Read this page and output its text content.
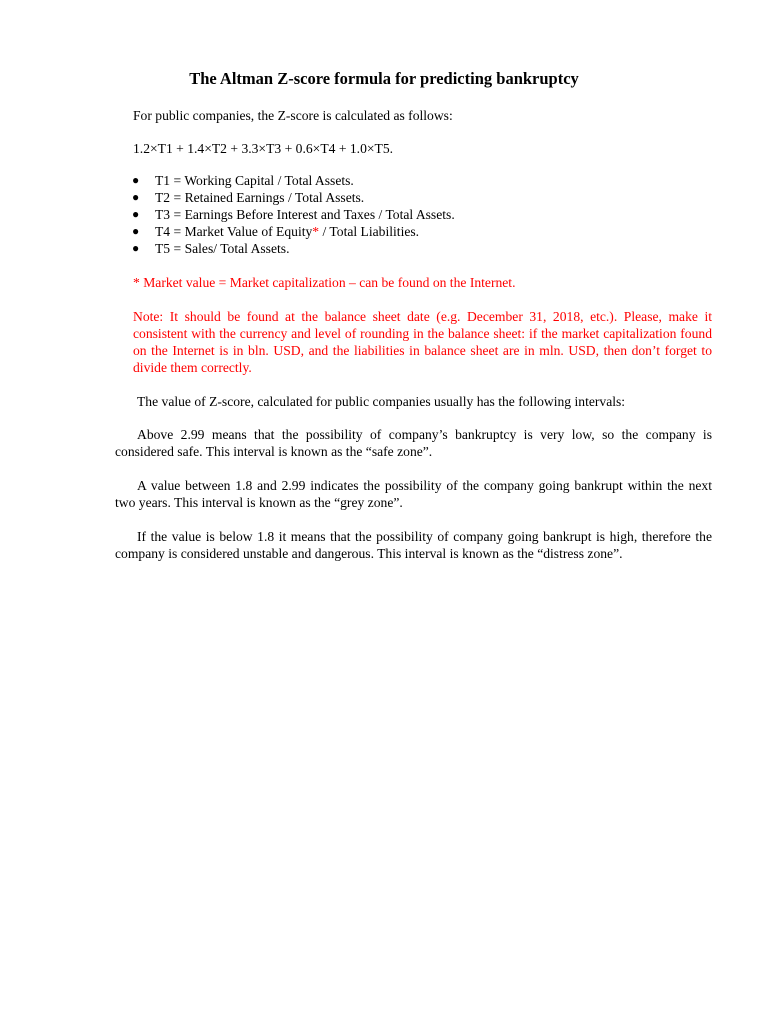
The Altman Z-score formula for predicting bankruptcy

For public companies, the Z-score is calculated as follows:

1.2×T1 + 1.4×T2 + 3.3×T3 + 0.6×T4 + 1.0×T5.

● T1 = Working Capital / Total Assets.
● T2 = Retained Earnings / Total Assets.
● T3 = Earnings Before Interest and Taxes / Total Assets.
● T4 = Market Value of Equity* / Total Liabilities.
● T5 = Sales/ Total Assets.

* Market value = Market capitalization – can be found on the Internet.

Note: It should be found at the balance sheet date (e.g. December 31, 2018, etc.). Please, make it consistent with the currency and level of rounding in the balance sheet: if the market capitalization found on the Internet is in bln. USD, and the liabilities in balance sheet are in mln. USD, then don’t forget to divide them correctly.

The value of Z-score, calculated for public companies usually has the following intervals:

Above 2.99 means that the possibility of company’s bankruptcy is very low, so the company is considered safe. This interval is known as the “safe zone”.

A value between 1.8 and 2.99 indicates the possibility of the company going bankrupt within the next two years. This interval is known as the “grey zone”.

If the value is below 1.8 it means that the possibility of company going bankrupt is high, therefore the company is considered unstable and dangerous. This interval is known as the “distress zone”.
